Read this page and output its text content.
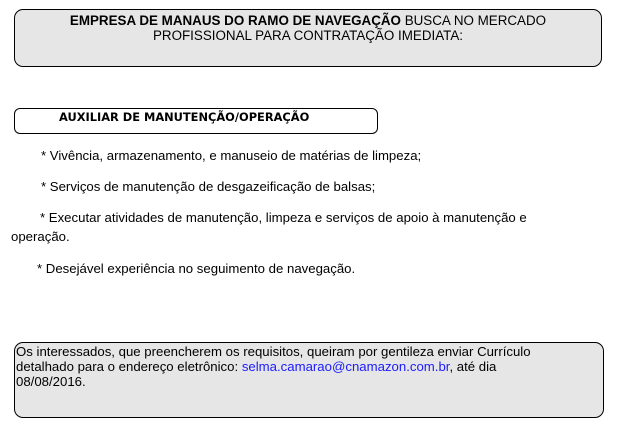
EMPRESA DE MANAUS DO RAMO DE NAVEGAÇÃO BUSCA NO MERCADO
PROFISSIONAL PARA CONTRATAÇÃO IMEDIATA:
AUXILIAR DE MANUTENÇÃO/OPERAÇÃO
* Vivência, armazenamento, e manuseio de matérias de limpeza;
* Serviços de manutenção de desgazeificação de balsas;
* Executar atividades de manutenção, limpeza e serviços de apoio à manutenção e
operação.
* Desejável experiência no seguimento de navegação.
Os interessados, que preencherem os requisitos, queiram por gentileza enviar Currículo
detalhado para o endereço eletrônico: selma.camarao@cnamazon.com.br, até dia
08/08/2016.
